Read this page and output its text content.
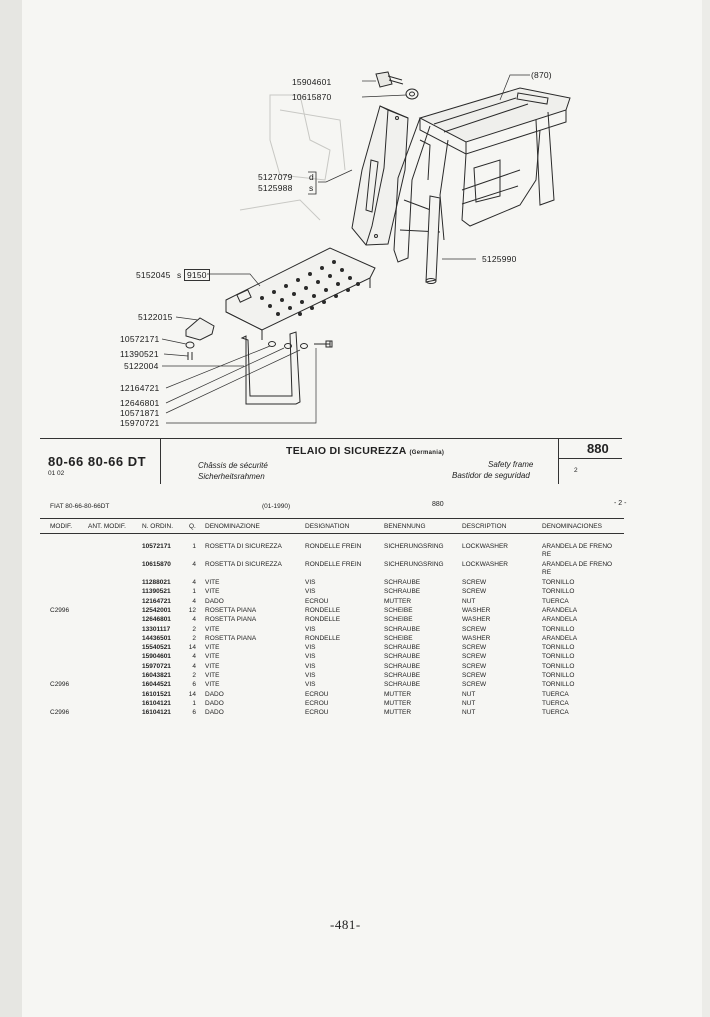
15904601
10615870
(870)
5127079 d
5125988 s
5125990
5152045 s 9150
5122015
10572171
11390521
5122004
12164721
12646801
10571871
15970721
80-66 80-66 DT
01 02
TELAIO DI SICUREZZA (Germania)
Châssis de sécurité
Sicherheitsrahmen
Safety frame
Bastidor de seguridad
880
2
FIAT 80-66-80-66DT	(01-1990)	880	- 2 -
MODIF. ANT. MODIF. N. ORDIN. Q. DENOMINAZIONE	DESIGNATION	BENENNUNG	DESCRIPTION	DENOMINACIONES
10572171	1 ROSETTA DI SICUREZZA	RONDELLE FREIN	SICHERUNGSRING	LOCKWASHER	ARANDELA DE FRENO
RE
10615870	4 ROSETTA DI SICUREZZA	RONDELLE FREIN	SICHERUNGSRING	LOCKWASHER	ARANDELA DE FRENO
RE
11288021	4 VITE	VIS	SCHRAUBE	SCREW	TORNILLO
11390521	1 VITE	VIS	SCHRAUBE	SCREW	TORNILLO
12164721	4 DADO	ECROU	MUTTER	NUT	TUERCA
C2996	12542001	12 ROSETTA PIANA	RONDELLE	SCHEIBE	WASHER	ARANDELA
12646801	4 ROSETTA PIANA	RONDELLE	SCHEIBE	WASHER	ARANDELA
13301117	2 VITE	VIS	SCHRAUBE	SCREW	TORNILLO
14436501	2 ROSETTA PIANA	RONDELLE	SCHEIBE	WASHER	ARANDELA
15540521	14 VITE	VIS	SCHRAUBE	SCREW	TORNILLO
15904601	4 VITE	VIS	SCHRAUBE	SCREW	TORNILLO
15970721	4 VITE	VIS	SCHRAUBE	SCREW	TORNILLO
16043821	2 VITE	VIS	SCHRAUBE	SCREW	TORNILLO
C2996	16044521	6 VITE	VIS	SCHRAUBE	SCREW	TORNILLO
16101521	14 DADO	ECROU	MUTTER	NUT	TUERCA
16104121	1 DADO	ECROU	MUTTER	NUT	TUERCA
C2996	16104121	6 DADO	ECROU	MUTTER	NUT	TUERCA
-481-
